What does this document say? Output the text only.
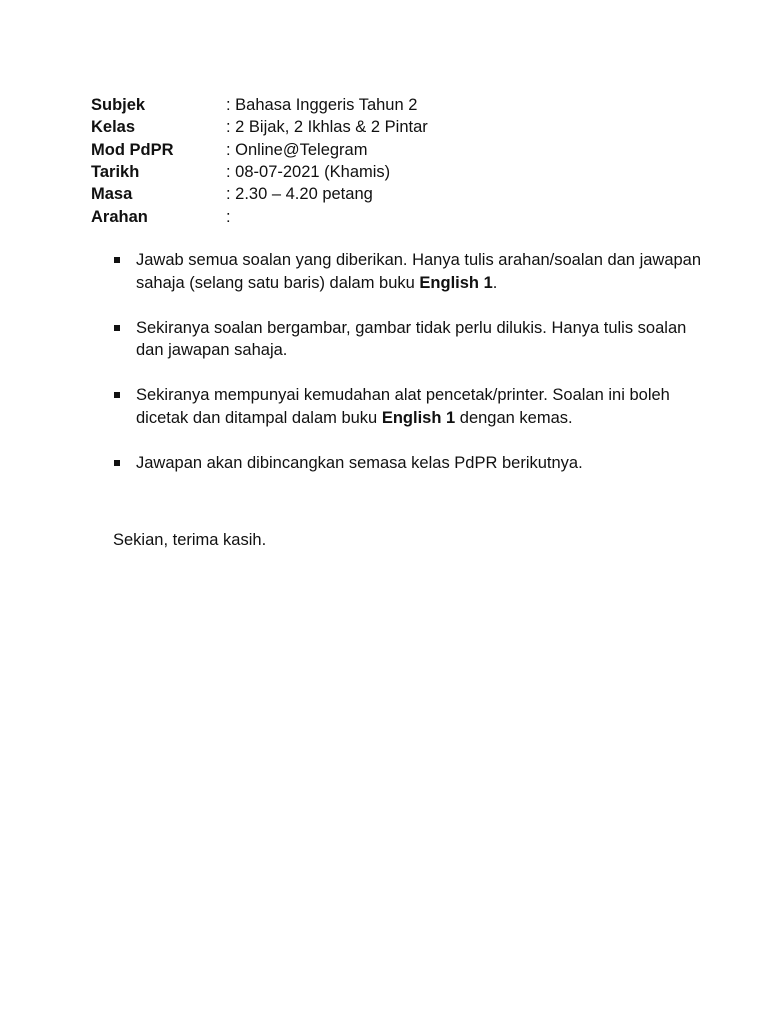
Subjek	: Bahasa Inggeris Tahun 2
Kelas	: 2 Bijak, 2 Ikhlas & 2 Pintar
Mod PdPR	: Online@Telegram
Tarikh	: 08-07-2021 (Khamis)
Masa	: 2.30 – 4.20 petang
Arahan	:
Jawab semua soalan yang diberikan. Hanya tulis arahan/soalan dan jawapan sahaja (selang satu baris) dalam buku English 1.
Sekiranya soalan bergambar, gambar tidak perlu dilukis. Hanya tulis soalan dan jawapan sahaja.
Sekiranya mempunyai kemudahan alat pencetak/printer. Soalan ini boleh dicetak dan ditampal dalam buku English 1 dengan kemas.
Jawapan akan dibincangkan semasa kelas PdPR berikutnya.
Sekian, terima kasih.
